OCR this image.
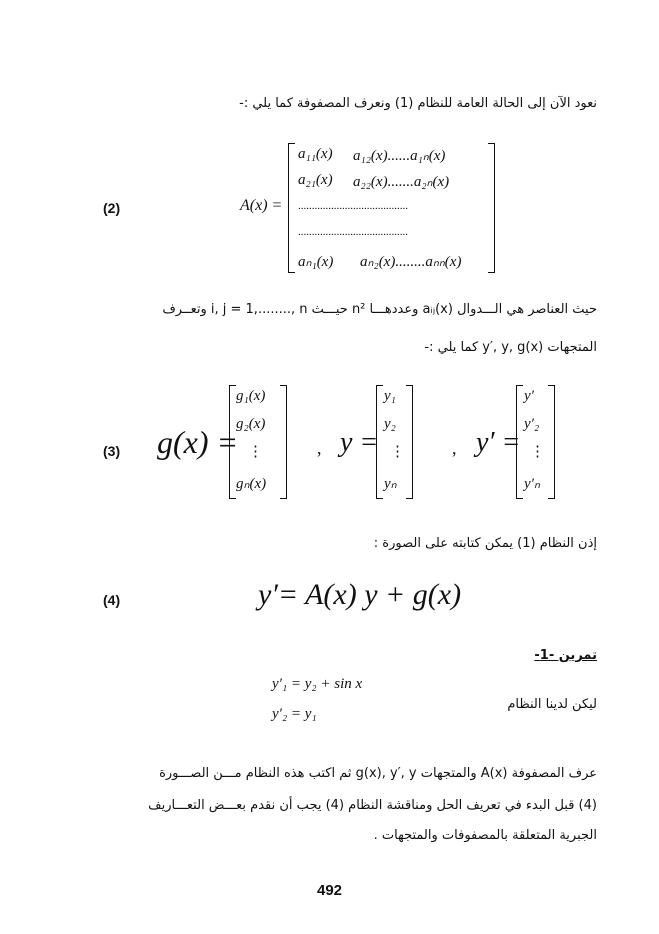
نعود الآن إلى الحالة العامة للنظام (1) ونعرف المصفوفة كما يلي :-
(2)	A(x) =
a₁₁(x) a₁₂(x)......a₁ₙ(x)
a₂₁(x) a₂₂(x).......a₂ₙ(x)
........................................
........................................
aₙ₁(x) aₙ₂(x)........aₙₙ(x)
حيث العناصر هي الـــدوال aᵢⱼ(x) وعددهـــا n² حيـــث i, j = 1,........, n وتعــرف
المتجهات y′, y, g(x) كما يلي :-
(3) g(x) =
g₁(x)
g₂(x)
⋮
gₙ(x)
, y =
y₁
y₂
⋮
yₙ
, y′ =
y′
y′₂
⋮
y′ₙ
إذن النظام (1) يمكن كتابته على الصورة :
(4)	y′= A(x) y + g(x)
تمرين -1-
y′₁ = y₂ + sin x
y′₂ = y₁
ليكن لدينا النظام
عرف المصفوفة A(x) والمتجهات g(x), y′, y ثم اكتب هذه النظام مـــن الصـــورة
(4) قبل البدء في تعريف الحل ومناقشة النظام (4) يجب أن نقدم بعـــض التعـــاريف
الجبرية المتعلقة بالمصفوفات والمتجهات .
492
